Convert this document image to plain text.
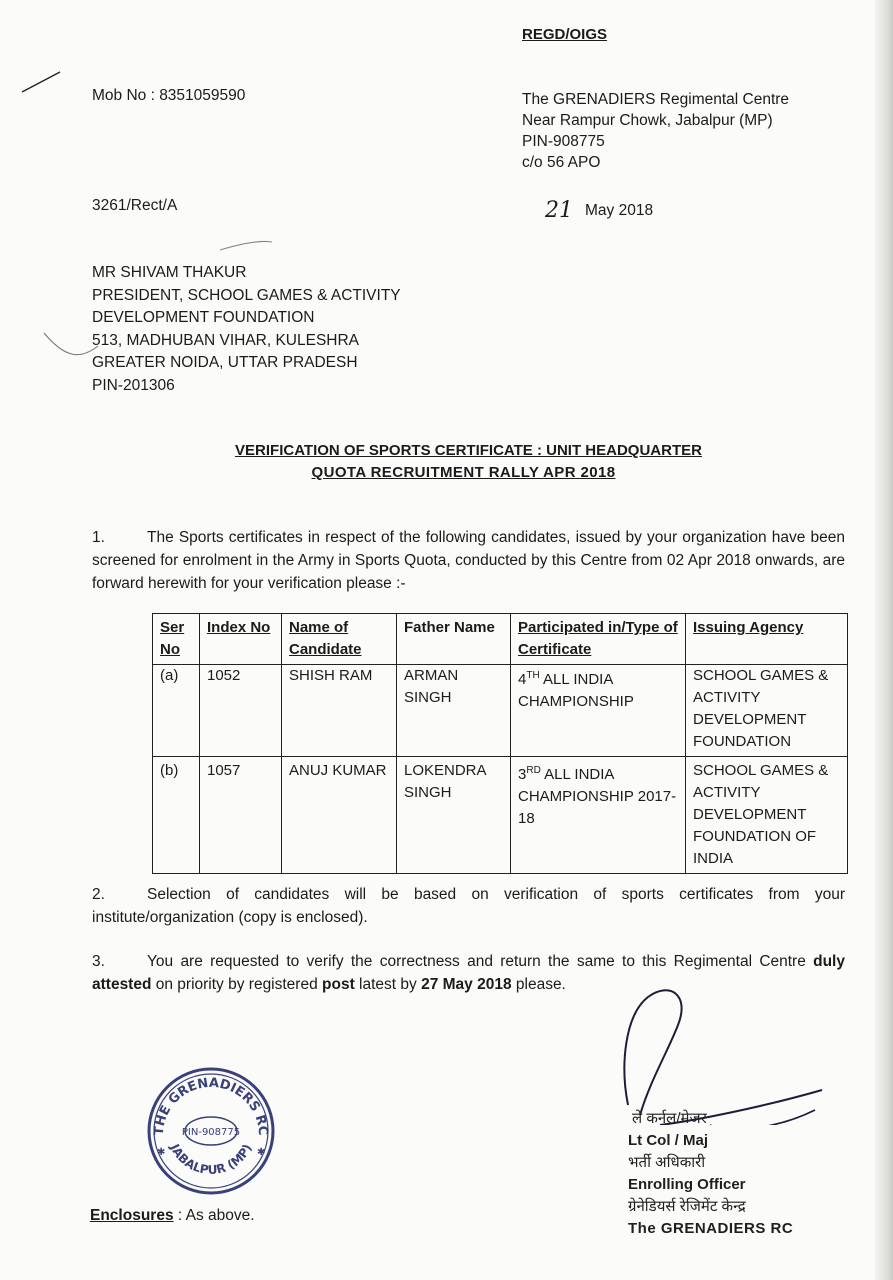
REGD/OIGS
Mob No : 8351059590	The GRENADIERS Regimental Centre
Near Rampur Chowk, Jabalpur (MP)
PIN-908775
c/o 56 APO
3261/Rect/A	21 May 2018
MR SHIVAM THAKUR
PRESIDENT, SCHOOL GAMES & ACTIVITY
DEVELOPMENT FOUNDATION
513, MADHUBAN VIHAR, KULESHRA
GREATER NOIDA, UTTAR PRADESH
PIN-201306
VERIFICATION OF SPORTS CERTIFICATE : UNIT HEADQUARTER
QUOTA RECRUITMENT RALLY APR 2018
1.	The Sports certificates in respect of the following candidates, issued by your organization have been screened for enrolment in the Army in Sports Quota, conducted by this Centre from 02 Apr 2018 onwards, are forward herewith for your verification please :-
Ser No	Index No	Name of Candidate	Father Name	Participated in/Type of Certificate	Issuing Agency
(a)	1052	SHISH RAM	ARMAN SINGH	4TH ALL INDIA CHAMPIONSHIP	SCHOOL GAMES & ACTIVITY DEVELOPMENT FOUNDATION
(b)	1057	ANUJ KUMAR	LOKENDRA SINGH	3RD ALL INDIA CHAMPIONSHIP 2017-18	SCHOOL GAMES & ACTIVITY DEVELOPMENT FOUNDATION OF INDIA
2.	Selection of candidates will be based on verification of sports certificates from your institute/organization (copy is enclosed).
3.	You are requested to verify the correctness and return the same to this Regimental Centre duly attested on priority by registered post latest by 27 May 2018 please.
THE GRENADIERS RC
JABALPUR (MP)
PIN-908775
✱	✱
ले कर्नल/मेजर
Lt Col / Maj
भर्ती अधिकारी
Enrolling Officer
ग्रेनेडियर्स रेजिमेंट केन्द्र
The GRENADIERS RC
Enclosures : As above.
